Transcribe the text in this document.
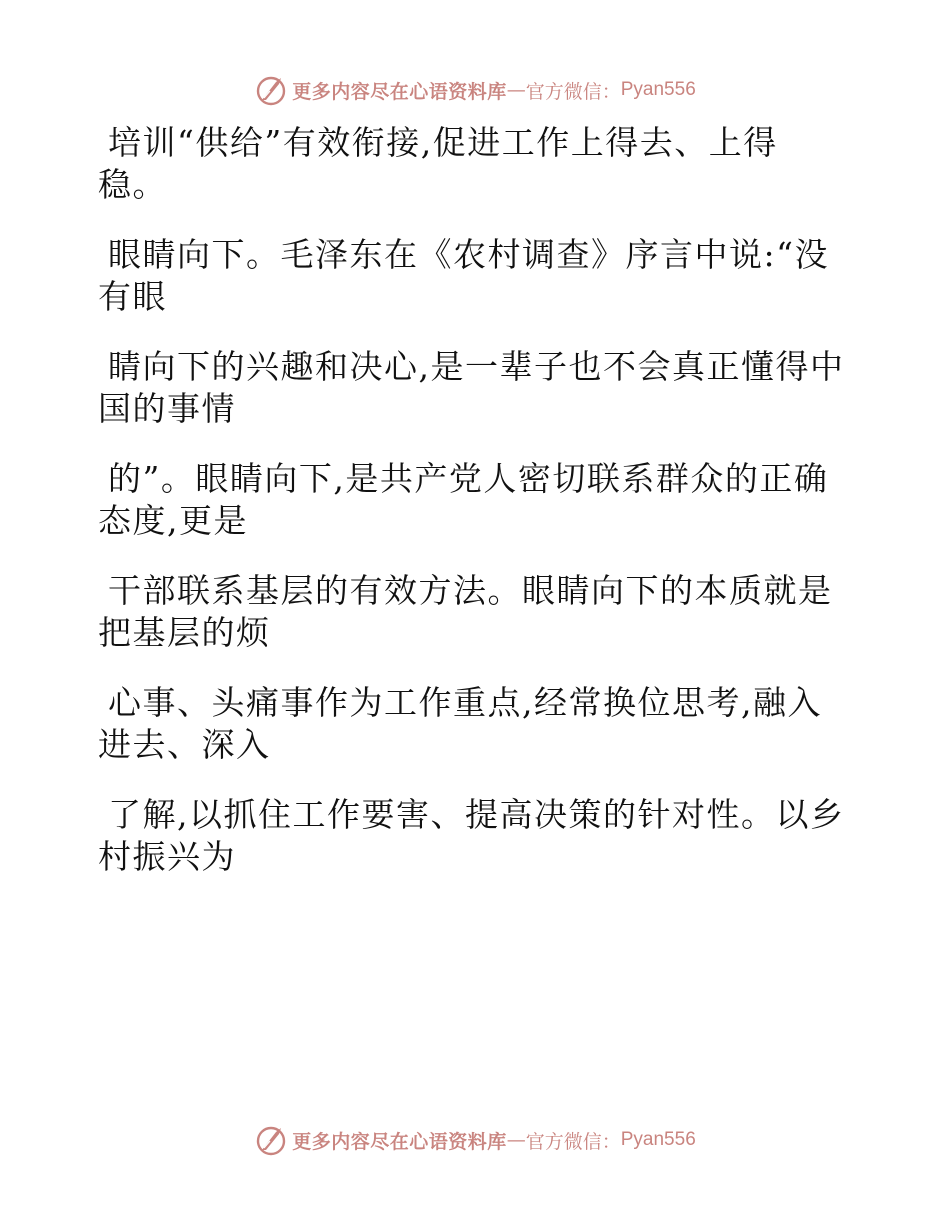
更多内容尽在心语资料库 — 官方微信： Pyan556
培训“供给”有效衔接,促进工作上得去、上得
稳。
眼睛向下。毛泽东在《农村调查》序言中说:“没
有眼
睛向下的兴趣和决心,是一辈子也不会真正懂得中
国的事情
的”。眼睛向下,是共产党人密切联系群众的正确
态度,更是
干部联系基层的有效方法。眼睛向下的本质就是
把基层的烦
心事、头痛事作为工作重点,经常换位思考,融入
进去、深入
了解,以抓住工作要害、提高决策的针对性。以乡
村振兴为
更多内容尽在心语资料库 — 官方微信： Pyan556
